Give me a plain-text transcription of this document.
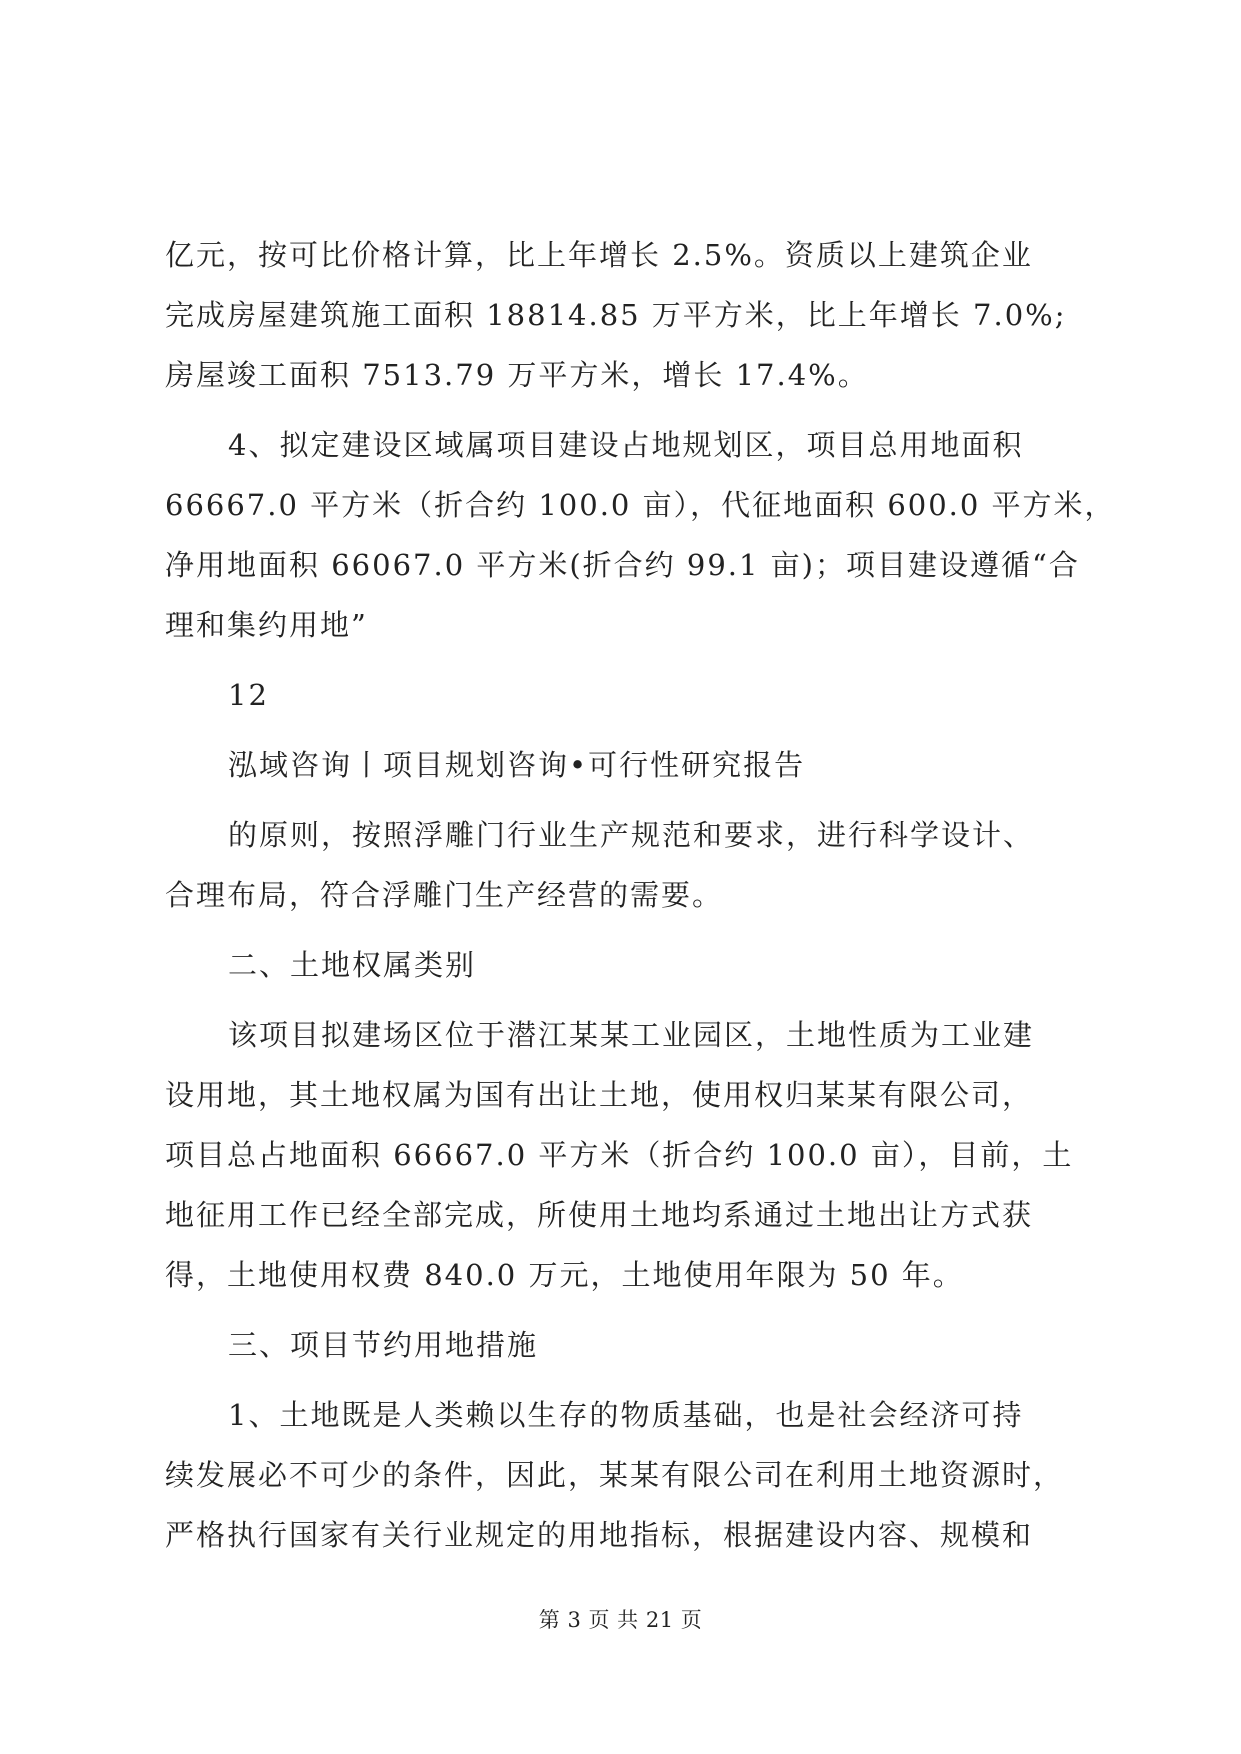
亿元，按可比价格计算，比上年增长 2.5%。资质以上建筑企业
完成房屋建筑施工面积 18814.85 万平方米，比上年增长 7.0%;
房屋竣工面积 7513.79 万平方米，增长 17.4%。
4、拟定建设区域属项目建设占地规划区，项目总用地面积
66667.0 平方米（折合约 100.0 亩），代征地面积 600.0 平方米，
净用地面积 66067.0 平方米(折合约 99.1 亩)；项目建设遵循“合
理和集约用地”
12
泓域咨询丨项目规划咨询•可行性研究报告
的原则，按照浮雕门行业生产规范和要求，进行科学设计、
合理布局，符合浮雕门生产经营的需要。
二、土地权属类别
该项目拟建场区位于潜江某某工业园区，土地性质为工业建
设用地，其土地权属为国有出让土地，使用权归某某有限公司，
项目总占地面积 66667.0 平方米（折合约 100.0 亩），目前，土
地征用工作已经全部完成，所使用土地均系通过土地出让方式获
得，土地使用权费 840.0 万元，土地使用年限为 50 年。
三、项目节约用地措施
1、土地既是人类赖以生存的物质基础，也是社会经济可持
续发展必不可少的条件，因此，某某有限公司在利用土地资源时，
严格执行国家有关行业规定的用地指标，根据建设内容、规模和
第 3 页 共 21 页
